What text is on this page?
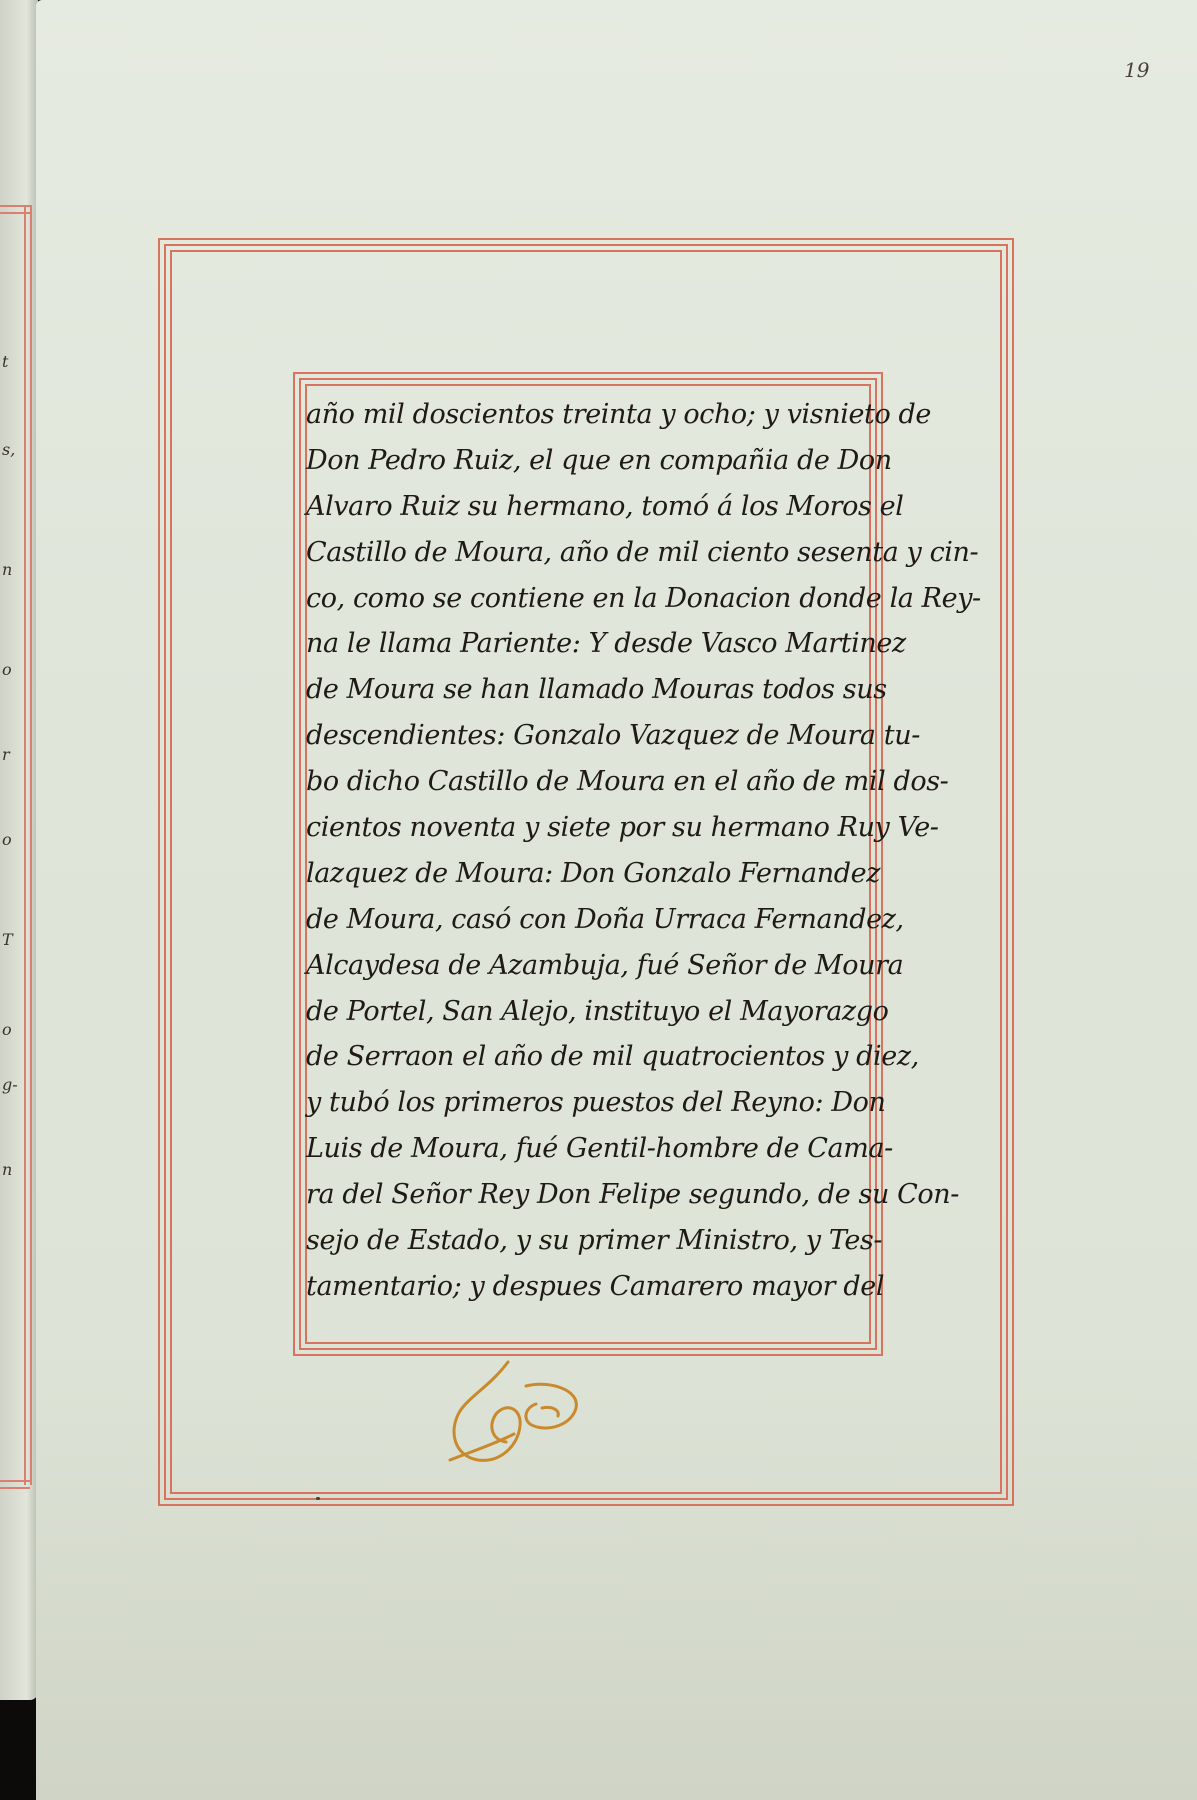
t
s,
n
o
r
o
T
o
g-
n
19
año mil doscientos treinta y ocho; y visnieto de
Don Pedro Ruiz, el que en compañia de Don
Alvaro Ruiz su hermano, tomó á los Moros el
Castillo de Moura, año de mil ciento sesenta y cin-
co, como se contiene en la Donacion donde la Rey-
na le llama Pariente: Y desde Vasco Martinez
de Moura se han llamado Mouras todos sus
descendientes: Gonzalo Vazquez de Moura tu-
bo dicho Castillo de Moura en el año de mil dos-
cientos noventa y siete por su hermano Ruy Ve-
lazquez de Moura: Don Gonzalo Fernandez
de Moura, casó con Doña Urraca Fernandez,
Alcaydesa de Azambuja, fué Señor de Moura
de Portel, San Alejo, instituyo el Mayorazgo
de Serraon el año de mil quatrocientos y diez,
y tubó los primeros puestos del Reyno: Don
Luis de Moura, fué Gentil-hombre de Cama-
ra del Señor Rey Don Felipe segundo, de su Con-
sejo de Estado, y su primer Ministro, y Tes-
tamentario; y despues Camarero mayor del
